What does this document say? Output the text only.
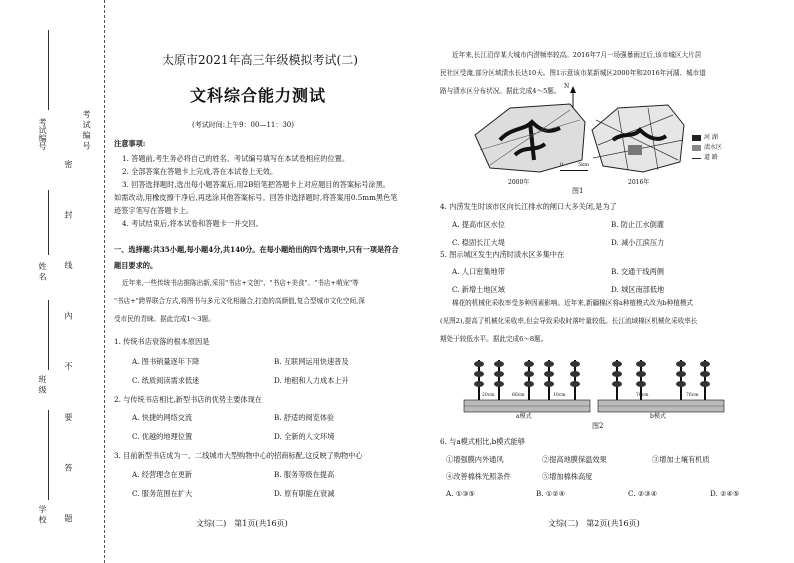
考试编号
姓 名
班 级
学 校 密 封 线 内 不 要 答 题
考 试 编 号
太原市2021年高三年级模拟考试(二)
文科综合能力测试
(考试时间:上午9：00—11：30)
注意事项:
1. 答题前,考生务必将自己的姓名、考试编号填写在本试卷相应的位置。
2. 全部答案在答题卡上完成,答在本试卷上无效。
3. 回答选择题时,选出每小题答案后,用2B铅笔把答题卡上对应题目的答案标号涂黑。
如需改动,用橡皮擦干净后,再选涂其他答案标号。回答非选择题时,将答案用0.5mm黑色笔
迹签字笔写在答题卡上。
4. 考试结束后,将本试卷和答题卡一并交回。
一、选择题:共35小题,每小题4分,共140分。在每小题给出的四个选项中,只有一项是符合
题目要求的。
近年来,一些传统书店推陈出新,采用"书店+文创"、"书店+美食"、"书店+萌宠"等
"书店+"跨界联合方式,将图书与多元文化相融合,打造的高颜值,复合型城市文化空间,深
受市民的青睐。据此完成1～3题。
1. 传统书店衰落的根本原因是
A. 图书销量逐年下降	B. 互联网运用快速普及
C. 纸质阅读需求低迷	D. 地租和人力成本上升
2. 与传统书店相比,新型书店的优势主要体现在
A. 快捷的网络交流	B. 舒适的阅览体验
C. 优越的地理位置	D. 全新的人文环境
3. 目前新型书店成为一、二线城市大型购物中心的招商标配,这反映了购物中心
A. 经营理念在更新	B. 服务等级在提高
C. 服务范围在扩大	D. 原有职能在衰减
文综(二)　第1页(共16页)
近年来,长江沿岸某大城市内涝频率较高。2016年7月一场强暴雨过后,该市城区大片居
民社区受淹,部分区域渍水长达10天。图1示意该市某新城区2000年和2016年河湖、城市道
路与渍水区分布状况。据此完成4～5题。
N
0	5km
河 湖
渍水区
道 路
2000年	2016年
图1
4. 内涝发生时该市区向长江排水的闸口大多关闭,是为了
A. 提高市区水位	B. 防止江水倒灌
C. 稳固长江大堤	D. 减小江滨压力
5. 图示城区发生内涝时渍水区多集中在
A. 人口密集地带	B. 交通干线两侧
C. 新增土地区域	D. 城区南部低地
棉花的机械化采收率受多种因素影响。近年来,新疆棉区将a种植模式改为b种植模式
(见图2),提高了机械化采收率,但会导致采收时落叶量较低。长江流域棉区机械化采收率长
期处于较低水平。据此完成6～8题。
20cm	66cm	10cm	76cm	76cm
a模式	b模式
图2
6. 与a模式相比,b模式能够
①增强膜内外通风	②提高地膜保温效果	③增加土壤有机质
④改善棉株光照条件	⑤增加棉株高度
A. ①③⑤	B. ①②④	C. ②③④	D. ②④⑤
文综(二)　第2页(共16页)
